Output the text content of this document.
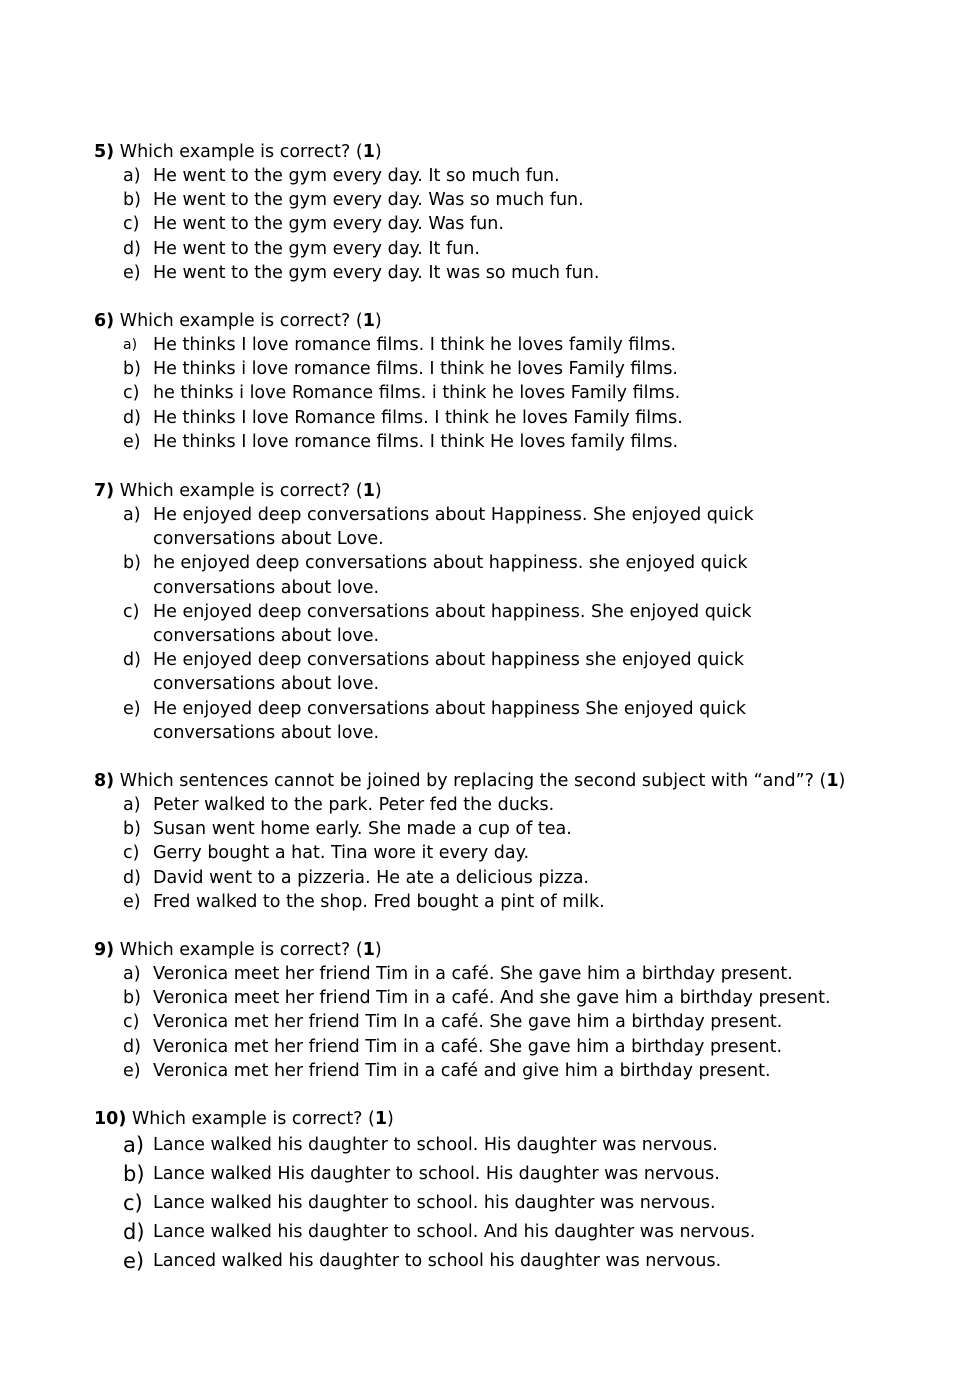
5) Which example is correct? (1)
a) He went to the gym every day. It so much fun.
b) He went to the gym every day. Was so much fun.
c) He went to the gym every day. Was fun.
d) He went to the gym every day. It fun.
e) He went to the gym every day. It was so much fun.
6) Which example is correct? (1)
a) He thinks I love romance films. I think he loves family films.
b) He thinks i love romance films. I think he loves Family films.
c) he thinks i love Romance films. i think he loves Family films.
d) He thinks I love Romance films. I think he loves Family films.
e) He thinks I love romance films. I think He loves family films.
7) Which example is correct? (1)
a) He enjoyed deep conversations about Happiness. She enjoyed quick conversations about Love.
b) he enjoyed deep conversations about happiness. she enjoyed quick conversations about love.
c) He enjoyed deep conversations about happiness. She enjoyed quick conversations about love.
d) He enjoyed deep conversations about happiness she enjoyed quick conversations about love.
e) He enjoyed deep conversations about happiness She enjoyed quick conversations about love.
8) Which sentences cannot be joined by replacing the second subject with “and”? (1)
a) Peter walked to the park. Peter fed the ducks.
b) Susan went home early. She made a cup of tea.
c) Gerry bought a hat. Tina wore it every day.
d) David went to a pizzeria. He ate a delicious pizza.
e) Fred walked to the shop. Fred bought a pint of milk.
9) Which example is correct? (1)
a) Veronica meet her friend Tim in a café. She gave him a birthday present.
b) Veronica meet her friend Tim in a café. And she gave him a birthday present.
c) Veronica met her friend Tim In a café. She gave him a birthday present.
d) Veronica met her friend Tim in a café. She gave him a birthday present.
e) Veronica met her friend Tim in a café and give him a birthday present.
10) Which example is correct? (1)
a) Lance walked his daughter to school. His daughter was nervous.
b) Lance walked His daughter to school. His daughter was nervous.
c) Lance walked his daughter to school. his daughter was nervous.
d) Lance walked his daughter to school. And his daughter was nervous.
e) Lanced walked his daughter to school his daughter was nervous.
